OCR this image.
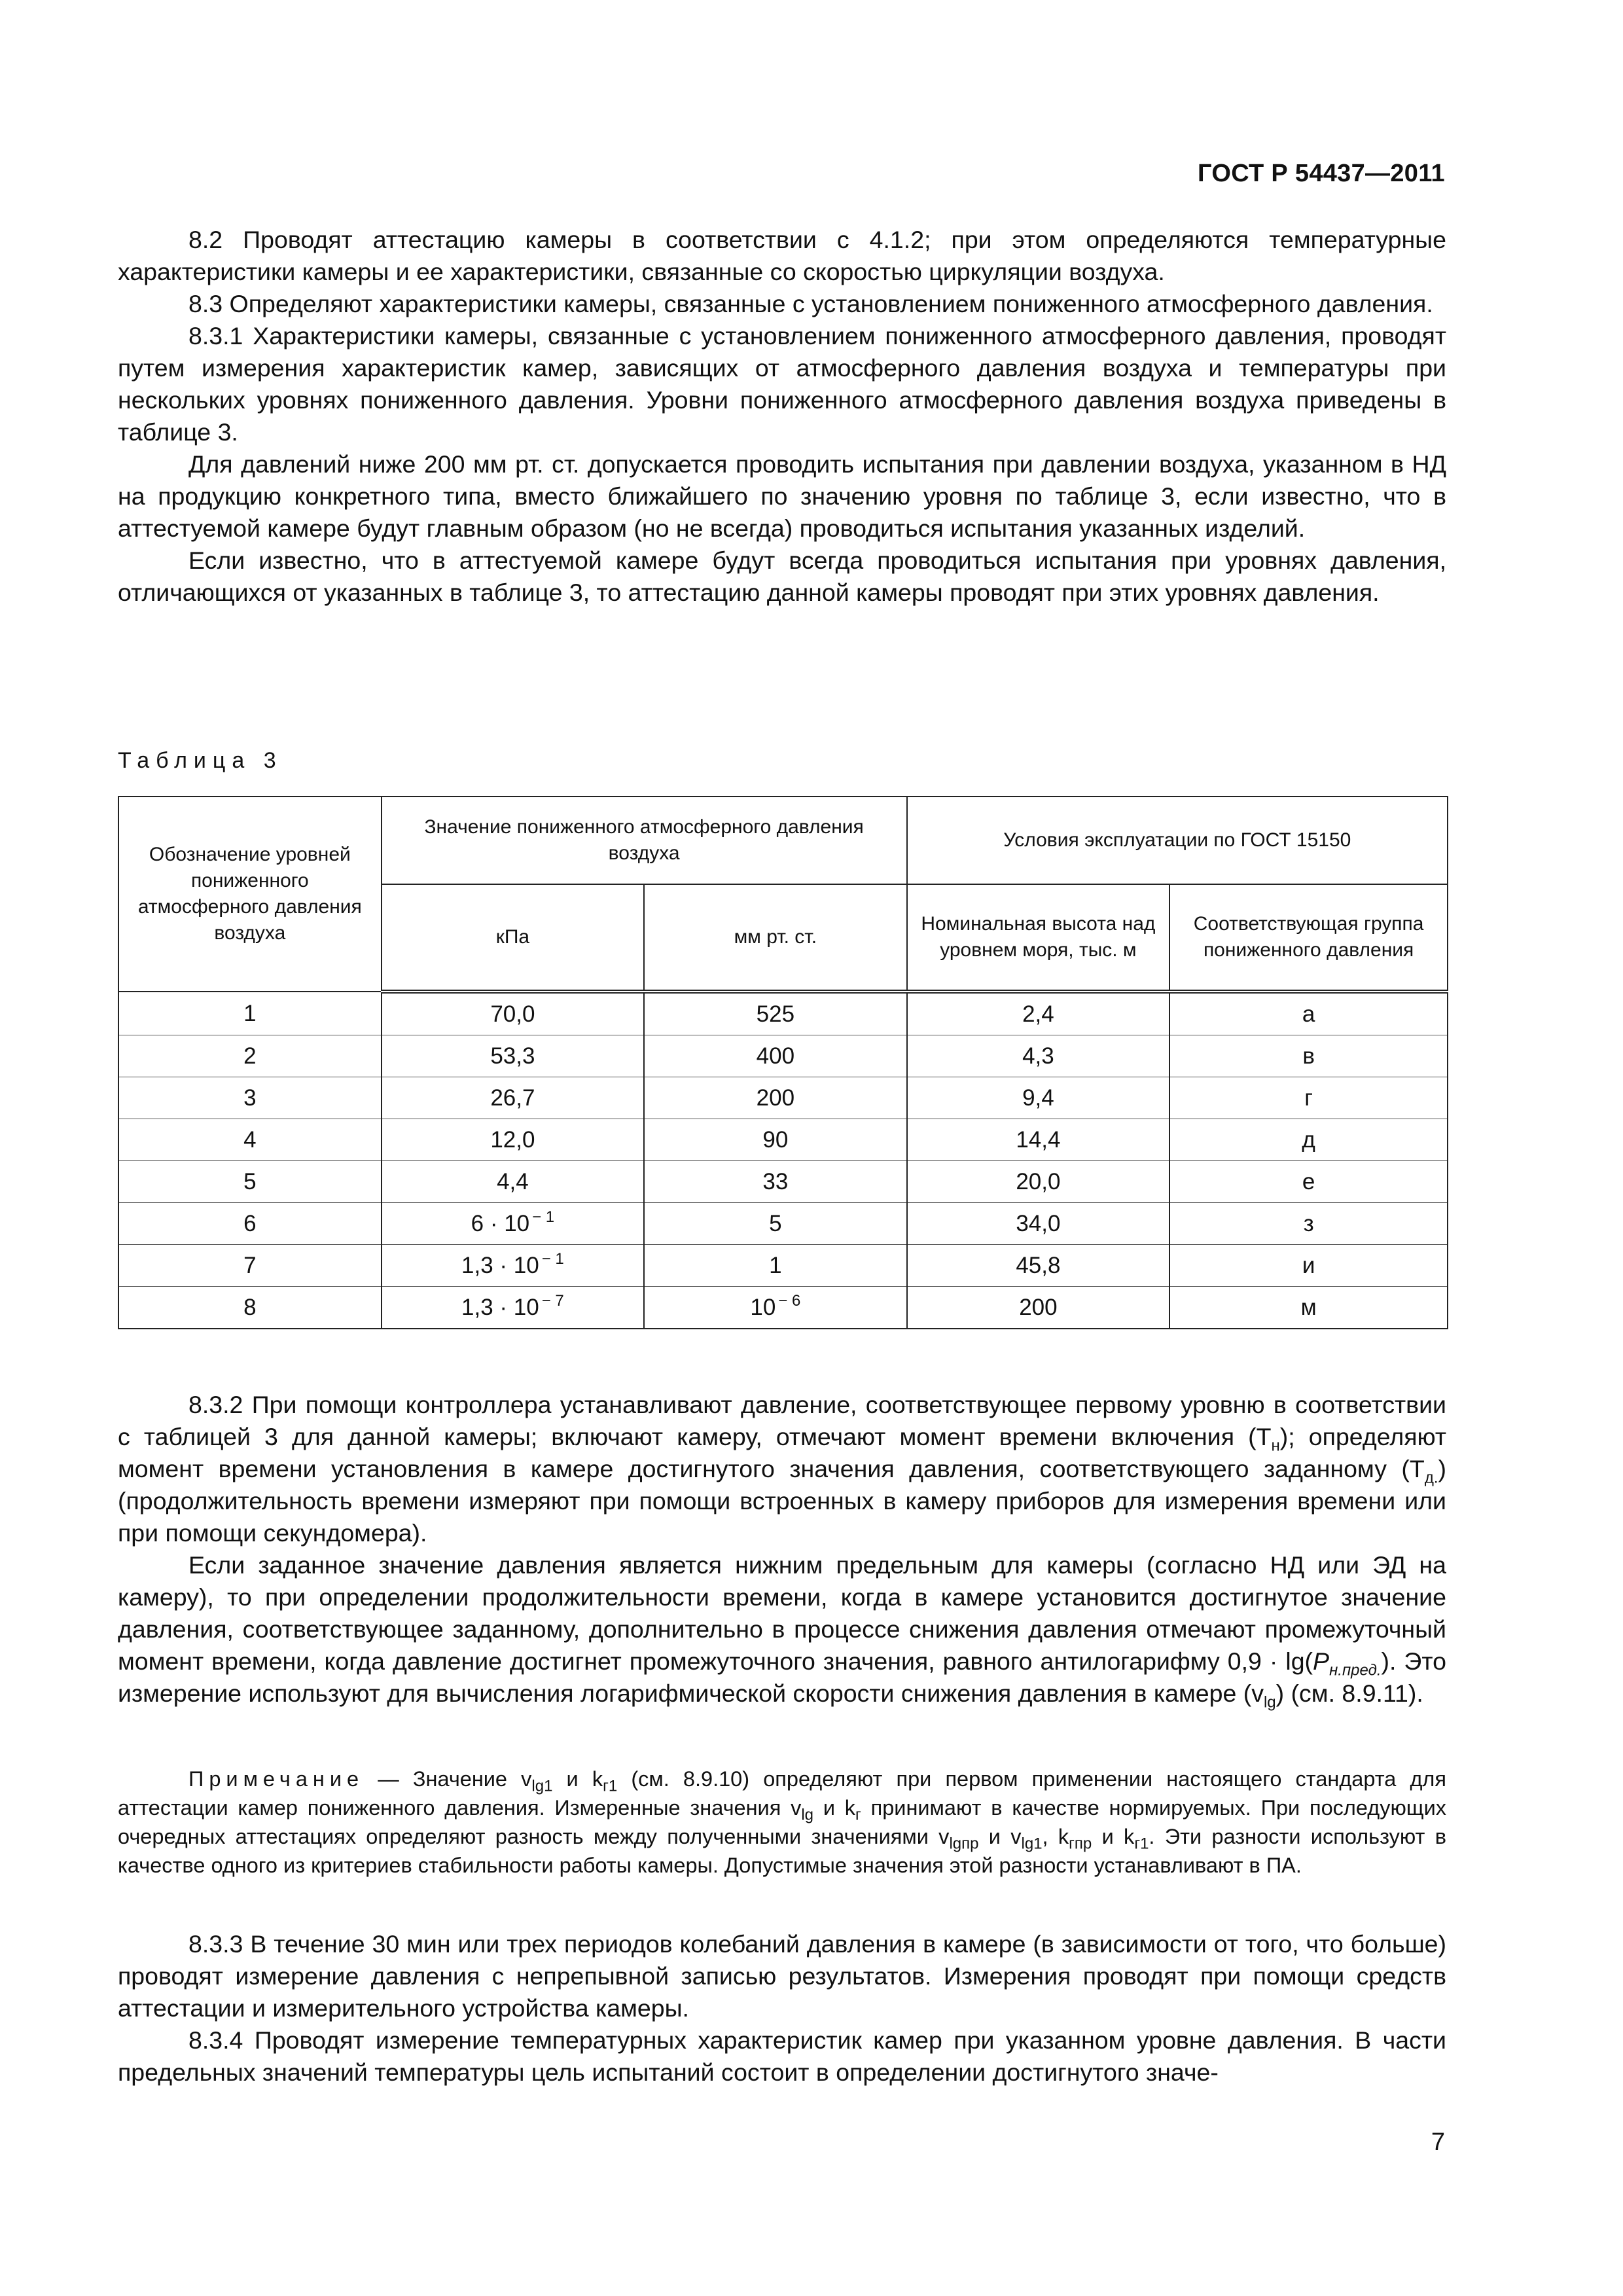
ГОСТ Р 54437—2011

8.2 Проводят аттестацию камеры в соответствии с 4.1.2; при этом определяются температурные характеристики камеры и ее характеристики, связанные со скоростью циркуляции воздуха.

8.3 Определяют характеристики камеры, связанные с установлением пониженного атмосферного давления.

8.3.1 Характеристики камеры, связанные с установлением пониженного атмосферного давления, проводят путем измерения характеристик камер, зависящих от атмосферного давления воздуха и температуры при нескольких уровнях пониженного давления. Уровни пониженного атмосферного давления воздуха приведены в таблице 3.

Для давлений ниже 200 мм рт. ст. допускается проводить испытания при давлении воздуха, указанном в НД на продукцию конкретного типа, вместо ближайшего по значению уровня по таблице 3, если известно, что в аттестуемой камере будут главным образом (но не всегда) проводиться испытания указанных изделий.

Если известно, что в аттестуемой камере будут всегда проводиться испытания при уровнях давления, отличающихся от указанных в таблице 3, то аттестацию данной камеры проводят при этих уровнях давления.

Таблица 3
Обозначение уровней пониженного атмосферного давления воздуха	Значение пониженного атмосферного давления воздуха		Условия эксплуатации по ГОСТ 15150	
	кПа	мм рт. ст.	Номинальная высота над уровнем моря, тыс. м	Соответствующая группа пониженного давления
1	70,0	525	2,4	а
2	53,3	400	4,3	в
3	26,7	200	9,4	г
4	12,0	90	14,4	д
5	4,4	33	20,0	е
6	6 · 10 $^{- 1}$	5	34,0	з
7	1,3 · 10 $^{- 1}$	1	45,8	и
8	1,3 · 10 $^{- 7}$	10 $^{- 6}$	200	м

8.3.2 При помощи контроллера устанавливают давление, соответствующее первому уровню в соответствии с таблицей 3 для данной камеры; включают камеру, отмечают момент времени включения $(Т_н)$; определяют момент времени установления в камере достигнутого значения давления, соответствующего заданному $(Т_{д.})$ (продолжительность времени измеряют при помощи встроенных в камеру приборов для измерения времени или при помощи секундомера).

Если заданное значение давления является нижним предельным для камеры (согласно НД или ЭД на камеру), то при определении продолжительности времени, когда в камере установится достигнутое значение давления, соответствующее заданному, дополнительно в процессе снижения давления отмечают промежуточный момент времени, когда давление достигнет промежуточного значения, равного антилогарифму $0,9 \cdot \lg(P_{н.пред.})$. Это измерение используют для вычисления логарифмической скорости снижения давления в камере $(v_{lg})$ (см. 8.9.11).

Примечание — Значение $v_{lg1}$ и $k_{г1}$ (см. 8.9.10) определяют при первом применении настоящего стандарта для аттестации камер пониженного давления. Измеренные значения $v_{lg}$ и $k_г$ принимают в качестве нормируемых. При последующих очередных аттестациях определяют разность между полученными значениями $v_{lgпр}$ и $v_{lg1}$, $k_{гпр}$ и $k_{г1}$. Эти разности используют в качестве одного из критериев стабильности работы камеры. Допустимые значения этой разности устанавливают в ПА.

8.3.3 В течение 30 мин или трех периодов колебаний давления в камере (в зависимости от того, что больше) проводят измерение давления с непрепывной записью результатов. Измерения проводят при помощи средств аттестации и измерительного устройства камеры.

8.3.4 Проводят измерение температурных характеристик камер при указанном уровне давления. В части предельных значений температуры цель испытаний состоит в определении достигнутого значе-

7
